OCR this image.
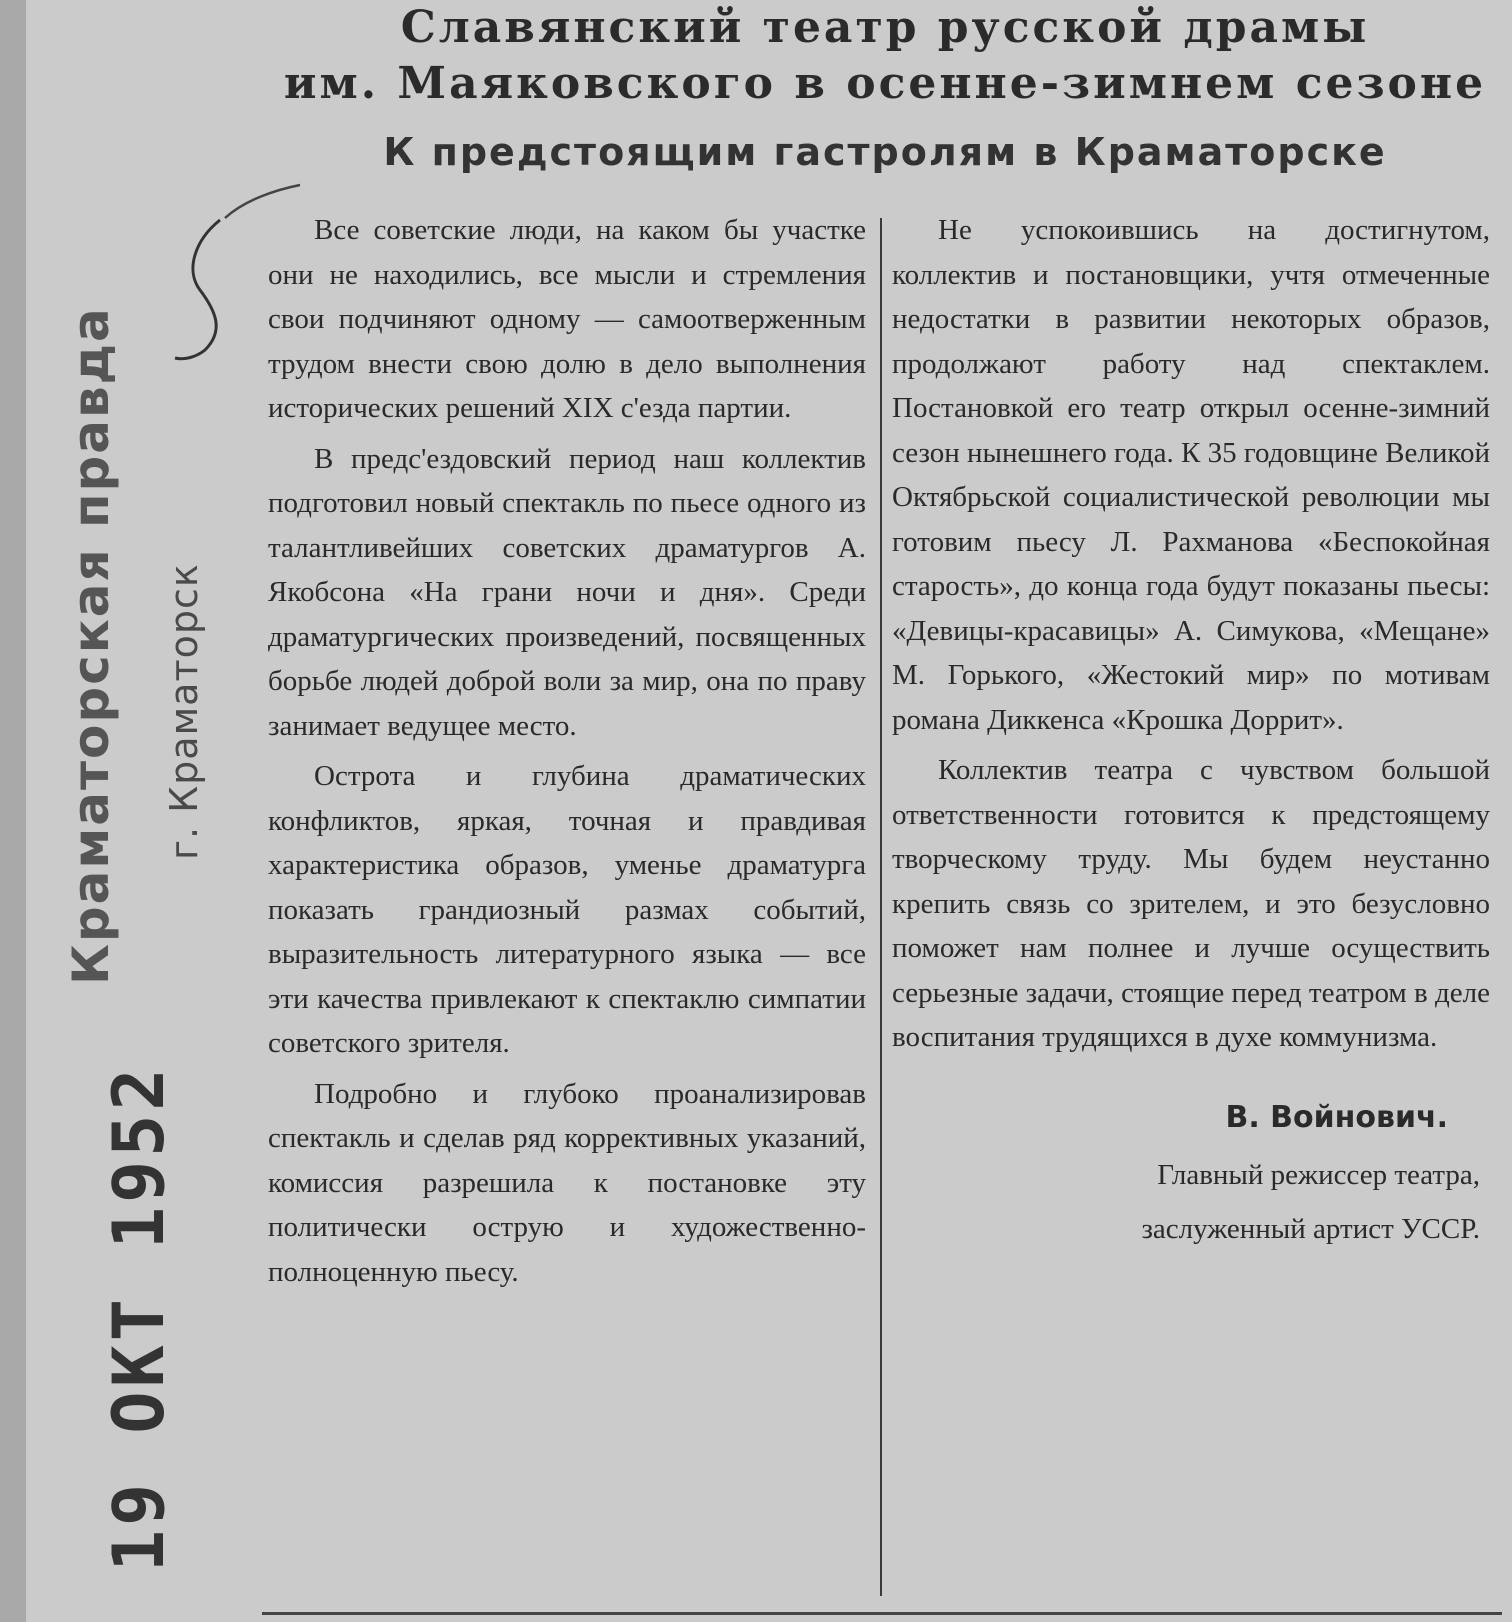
Краматорская правда г. Краматорск
19 ОКТ 1952
Славянский театр русской драмы
им. Маяковского в осенне-зимнем сезоне
К предстоящим гастролям в Краматорске

Все советские люди, на каком бы участке они не находились, все мысли и стремления свои подчиняют одному — самоотверженным трудом внести свою долю в дело выполнения исторических решений XIX с'езда партии.

В предс'ездовский период наш коллектив подготовил новый спектакль по пьесе одного из талантливейших советских драматургов А. Якобсона «На грани ночи и дня». Среди драматургических произведений, посвященных борьбе людей доброй воли за мир, она по праву занимает ведущее место.

Острота и глубина драматических конфликтов, яркая, точная и правдивая характеристика образов, уменье драматурга показать грандиозный размах событий, выразительность литературного языка — все эти качества привлекают к спектаклю симпатии советского зрителя.

Подробно и глубоко проанализировав спектакль и сделав ряд коррективных указаний, комиссия разрешила к постановке эту политически острую и художественно-полноценную пьесу.

Не успокоившись на достигнутом, коллектив и постановщики, учтя отмеченные недостатки в развитии некоторых образов, продолжают работу над спектаклем. Постановкой его театр открыл осенне-зимний сезон нынешнего года. К 35 годовщине Великой Октябрьской социалистической революции мы готовим пьесу Л. Рахманова «Беспокойная старость», до конца года будут показаны пьесы: «Девицы-красавицы» А. Симукова, «Мещане» М. Горького, «Жестокий мир» по мотивам романа Диккенса «Крошка Доррит».

Коллектив театра с чувством большой ответственности готовится к предстоящему творческому труду. Мы будем неустанно крепить связь со зрителем, и это безусловно поможет нам полнее и лучше осуществить серьезные задачи, стоящие перед театром в деле воспитания трудящихся в духе коммунизма.

В. Войнович.
Главный режиссер театра,
заслуженный артист УССР.
